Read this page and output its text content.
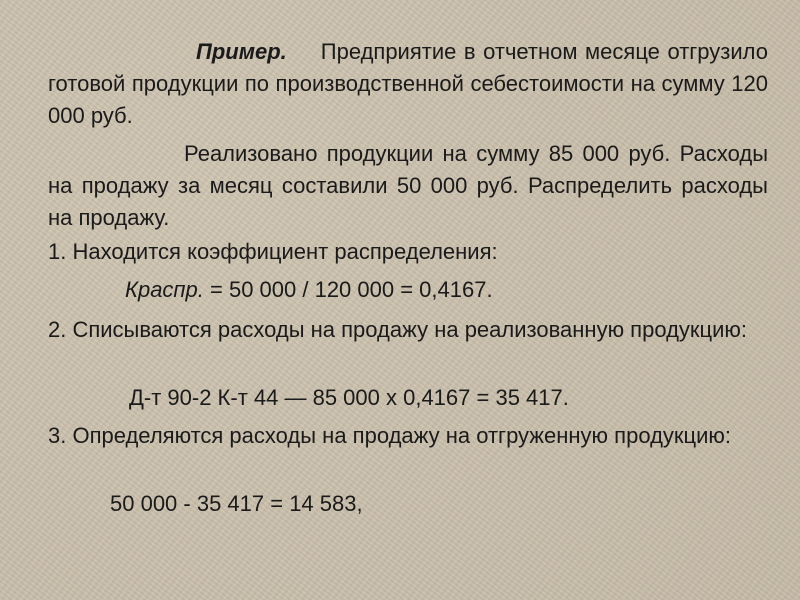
Пример. Предприятие в отчетном месяце отгрузило готовой продукции по производственной себестоимости на сумму 120 000 руб.
Реализовано продукции на сумму 85 000 руб. Расходы на продажу за месяц составили 50 000 руб. Распределить расходы на продажу.
1. Находится коэффициент распределения:
Кpacпp. = 50 000 / 120 000 = 0,4167.
2. Списываются расходы на продажу на реализованную продукцию:
Д-т 90-2 К-т 44 — 85 000 х 0,4167 = 35 417.
3. Определяются расходы на продажу на отгруженную продукцию:
50 000 - 35 417 = 14 583,
